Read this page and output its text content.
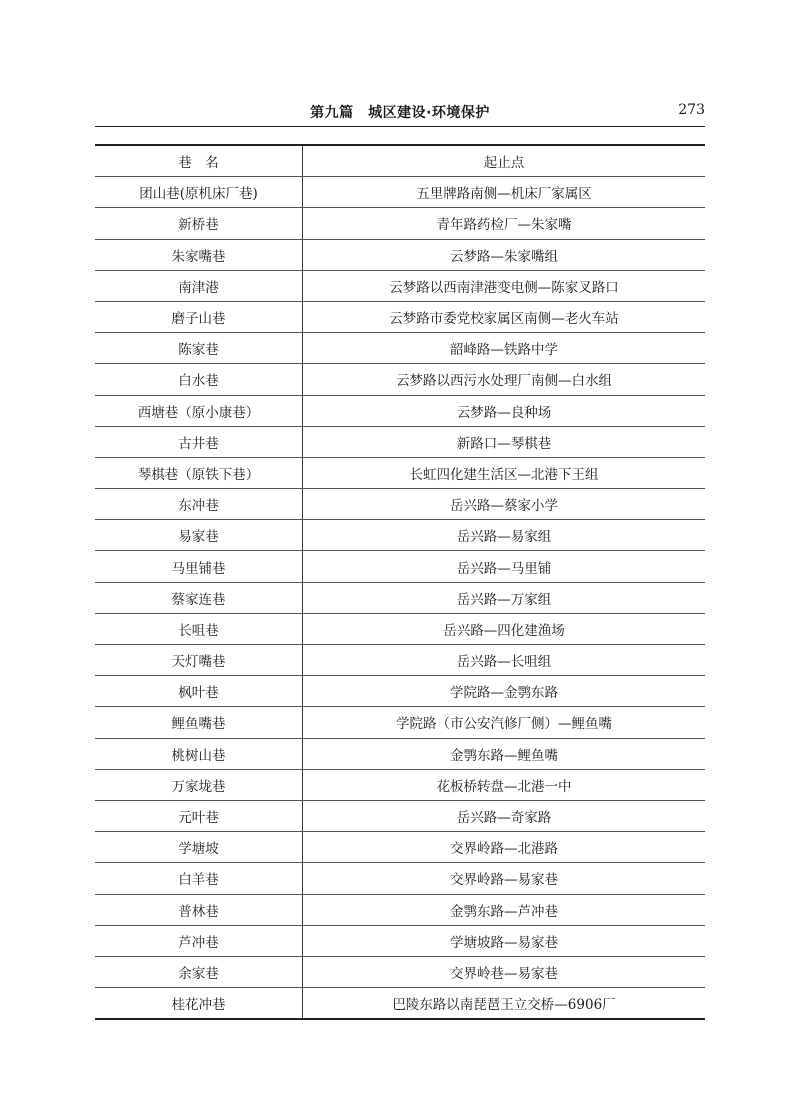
第九篇　城区建设·环境保护	273
巷　名	起止点
团山巷(原机床厂巷)	五里牌路南侧—机床厂家属区
新桥巷	青年路药检厂—朱家嘴
朱家嘴巷	云梦路—朱家嘴组
南津港	云梦路以西南津港变电侧—陈家叉路口
磨子山巷	云梦路市委党校家属区南侧—老火车站
陈家巷	韶峰路—铁路中学
白水巷	云梦路以西污水处理厂南侧—白水组
西塘巷（原小康巷）	云梦路—良种场
古井巷	新路口—琴棋巷
琴棋巷（原铁下巷）	长虹四化建生活区—北港下王组
东冲巷	岳兴路—蔡家小学
易家巷	岳兴路—易家组
马里铺巷	岳兴路—马里铺
蔡家连巷	岳兴路—万家组
长咀巷	岳兴路—四化建渔场
天灯嘴巷	岳兴路—长咀组
枫叶巷	学院路—金鹗东路
鲤鱼嘴巷	学院路（市公安汽修厂侧）—鲤鱼嘴
桃树山巷	金鹗东路—鲤鱼嘴
万家垅巷	花板桥转盘—北港一中
元叶巷	岳兴路—奇家路
学塘坡	交界岭路—北港路
白羊巷	交界岭路—易家巷
普林巷	金鹗东路—芦冲巷
芦冲巷	学塘坡路—易家巷
余家巷	交界岭巷—易家巷
桂花冲巷	巴陵东路以南琵琶王立交桥—6906厂
